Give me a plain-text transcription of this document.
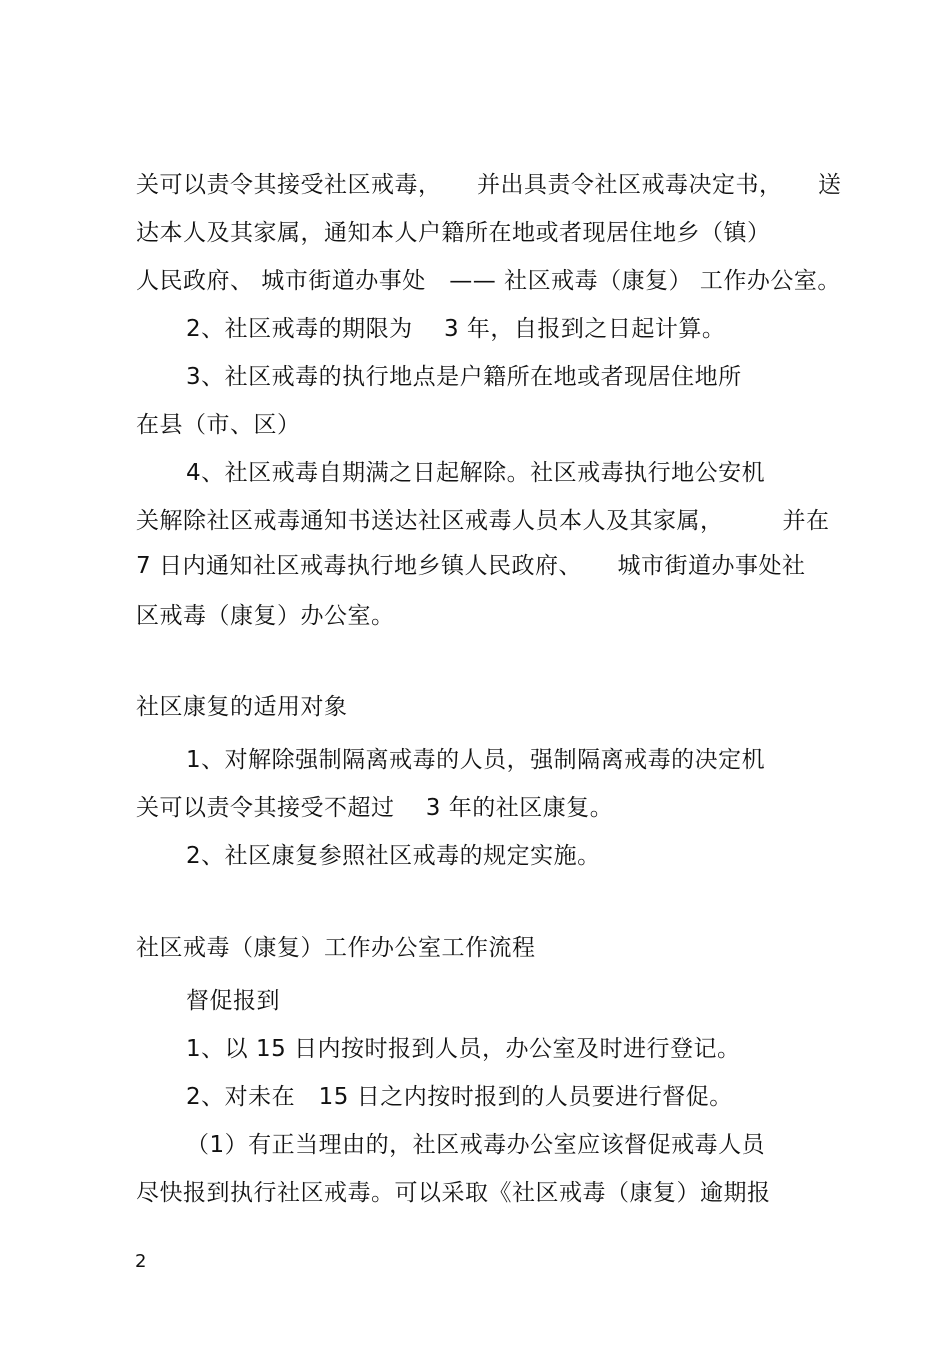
关可以责令其接受社区戒毒，　　并出具责令社区戒毒决定书，　　送
达本人及其家属，通知本人户籍所在地或者现居住地乡（镇）
人民政府、 城市街道办事处　—— 社区戒毒（康复） 工作办公室。
2、社区戒毒的期限为　 3 年，自报到之日起计算。
3、社区戒毒的执行地点是户籍所在地或者现居住地所
在县（市、区）
4、社区戒毒自期满之日起解除。社区戒毒执行地公安机
关解除社区戒毒通知书送达社区戒毒人员本人及其家属，　　　并在
7 日内通知社区戒毒执行地乡镇人民政府、　　城市街道办事处社
区戒毒（康复）办公室。
社区康复的适用对象
1、对解除强制隔离戒毒的人员，强制隔离戒毒的决定机
关可以责令其接受不超过　 3 年的社区康复。
2、社区康复参照社区戒毒的规定实施。
社区戒毒（康复）工作办公室工作流程
督促报到
1、以 15 日内按时报到人员，办公室及时进行登记。
2、对未在　15 日之内按时报到的人员要进行督促。
（1）有正当理由的，社区戒毒办公室应该督促戒毒人员
尽快报到执行社区戒毒。可以采取《社区戒毒（康复）逾期报
2
